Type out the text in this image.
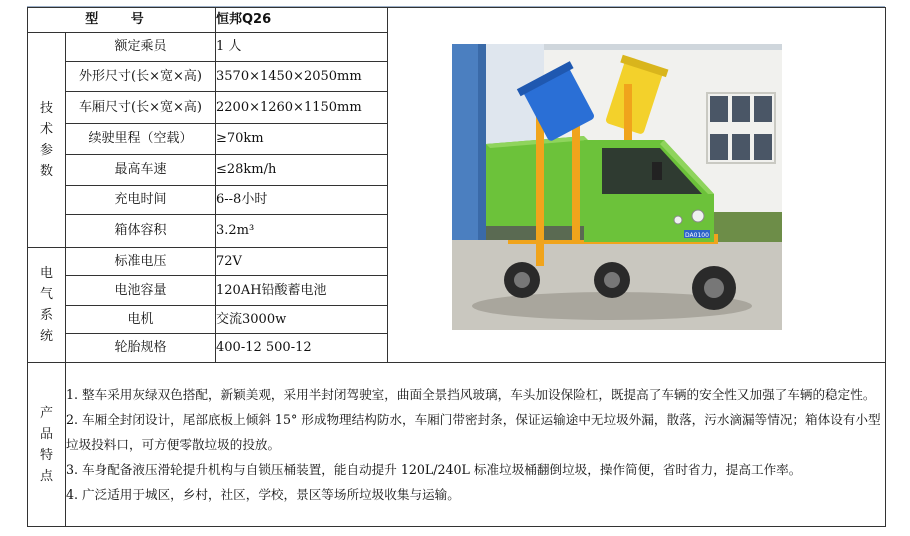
型 号		恒邦Q26	DA0100

技术参数	额定乘员	1 人	
	外形尺寸(长×宽×高)	3570×1450×2050mm	
	车厢尺寸(长×宽×高)	2200×1260×1150mm	
	续驶里程（空载）	≥70km	
	最高车速	≤28km/h	
	充电时间	6--8小时	
	箱体容积	3.2m³	
电气系统	标准电压	72V	
	电池容量	120AH铅酸蓄电池	
	电机	交流3000w	
	轮胎规格	400-12 500-12	
产品特点	1. 整车采用灰绿双色搭配，新颖美观，采用半封闭驾驶室，曲面全景挡风玻璃，车头加设保险杠，既提高了车辆的安全性又加强了车辆的稳定性。
2. 车厢全封闭设计，尾部底板上倾斜 15° 形成物理结构防水，车厢门带密封条，保证运输途中无垃圾外漏，散落，污水滴漏等情况；箱体设有小型垃圾投料口，可方便零散垃圾的投放。
3. 车身配备液压滑轮提升机构与自锁压桶装置，能自动提升 120L/240L 标准垃圾桶翻倒垃圾，操作简便，省时省力，提高工作率。
4. 广泛适用于城区，乡村，社区，学校，景区等场所垃圾收集与运输。		
